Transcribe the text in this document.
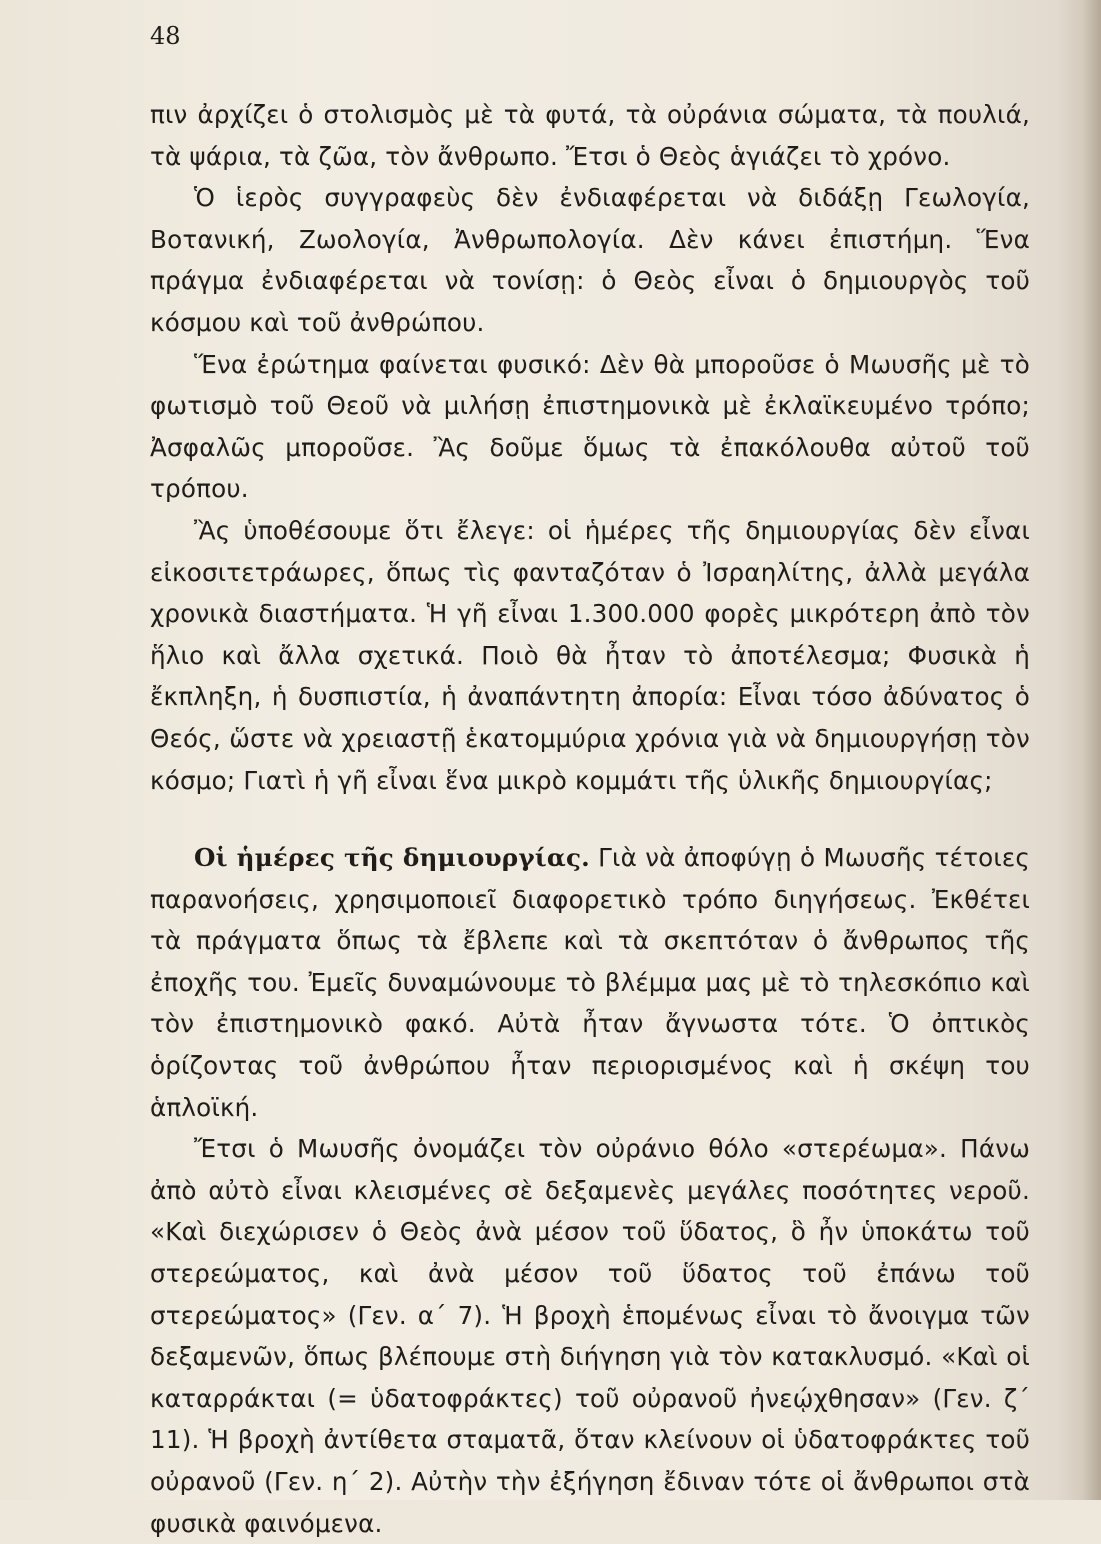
48

πιν ἀρχίζει ὁ στολισμὸς μὲ τὰ φυτά, τὰ οὐράνια σώματα, τὰ πουλιά, τὰ ψάρια, τὰ ζῶα, τὸν ἄνθρωπο. Ἔτσι ὁ Θεὸς ἁγιάζει τὸ χρόνο.

Ὁ ἱερὸς συγγραφεὺς δὲν ἐνδιαφέρεται νὰ διδάξῃ Γεωλογία, Βοτανική, Ζωολογία, Ἀνθρωπολογία. Δὲν κάνει ἐπιστήμη. Ἕνα πράγμα ἐνδιαφέρεται νὰ τονίσῃ: ὁ Θεὸς εἶναι ὁ δημιουργὸς τοῦ κόσμου καὶ τοῦ ἀνθρώπου.

Ἕνα ἐρώτημα φαίνεται φυσικό: Δὲν θὰ μποροῦσε ὁ Μωυσῆς μὲ τὸ φωτισμὸ τοῦ Θεοῦ νὰ μιλήσῃ ἐπιστημονικὰ μὲ ἐκλαϊκευμένο τρόπο; Ἀσφαλῶς μποροῦσε. Ἂς δοῦμε ὅμως τὰ ἐπακόλουθα αὐτοῦ τοῦ τρόπου.

Ἂς ὑποθέσουμε ὅτι ἔλεγε: οἱ ἡμέρες τῆς δημιουργίας δὲν εἶναι εἰκοσιτετράωρες, ὅπως τὶς φανταζόταν ὁ Ἰσραηλίτης, ἀλλὰ μεγάλα χρονικὰ διαστήματα. Ἡ γῆ εἶναι 1.300.000 φορὲς μικρότερη ἀπὸ τὸν ἥλιο καὶ ἄλλα σχετικά. Ποιὸ θὰ ἦταν τὸ ἀποτέλεσμα; Φυσικὰ ἡ ἔκπληξη, ἡ δυσπιστία, ἡ ἀναπάντητη ἀπορία: Εἶναι τόσο ἀδύνατος ὁ Θεός, ὥστε νὰ χρειαστῇ ἑκατομμύρια χρόνια γιὰ νὰ δημιουργήσῃ τὸν κόσμο; Γιατὶ ἡ γῆ εἶναι ἕνα μικρὸ κομμάτι τῆς ὑλικῆς δημιουργίας;

Οἱ ἡμέρες τῆς δημιουργίας. Γιὰ νὰ ἀποφύγῃ ὁ Μωυσῆς τέτοιες παρανοήσεις, χρησιμοποιεῖ διαφορετικὸ τρόπο διηγήσεως. Ἐκθέτει τὰ πράγματα ὅπως τὰ ἔβλεπε καὶ τὰ σκεπτόταν ὁ ἄνθρωπος τῆς ἐποχῆς του. Ἐμεῖς δυναμώνουμε τὸ βλέμμα μας μὲ τὸ τηλεσκόπιο καὶ τὸν ἐπιστημονικὸ φακό. Αὐτὰ ἦταν ἄγνωστα τότε. Ὁ ὀπτικὸς ὁρίζοντας τοῦ ἀνθρώπου ἦταν περιορισμένος καὶ ἡ σκέψη του ἁπλοϊκή.

Ἔτσι ὁ Μωυσῆς ὀνομάζει τὸν οὐράνιο θόλο «στερέωμα». Πάνω ἀπὸ αὐτὸ εἶναι κλεισμένες σὲ δεξαμενὲς μεγάλες ποσότητες νεροῦ. «Καὶ διεχώρισεν ὁ Θεὸς ἀνὰ μέσον τοῦ ὕδατος, ὃ ἦν ὑποκάτω τοῦ στερεώματος, καὶ ἀνὰ μέσον τοῦ ὕδατος τοῦ ἐπάνω τοῦ στερεώματος» (Γεν. α΄ 7). Ἡ βροχὴ ἑπομένως εἶναι τὸ ἄνοιγμα τῶν δεξαμενῶν, ὅπως βλέπουμε στὴ διήγηση γιὰ τὸν κατακλυσμό. «Καὶ οἱ καταρράκται (= ὑδατοφράκτες) τοῦ οὐρανοῦ ἠνεῴχθησαν» (Γεν. ζ΄ 11). Ἡ βροχὴ ἀντίθετα σταματᾶ, ὅταν κλείνουν οἱ ὑδατοφράκτες τοῦ οὐρανοῦ (Γεν. η΄ 2). Αὐτὴν τὴν ἐξήγηση ἔδιναν τότε οἱ ἄνθρωποι στὰ φυσικὰ φαινόμενα.
